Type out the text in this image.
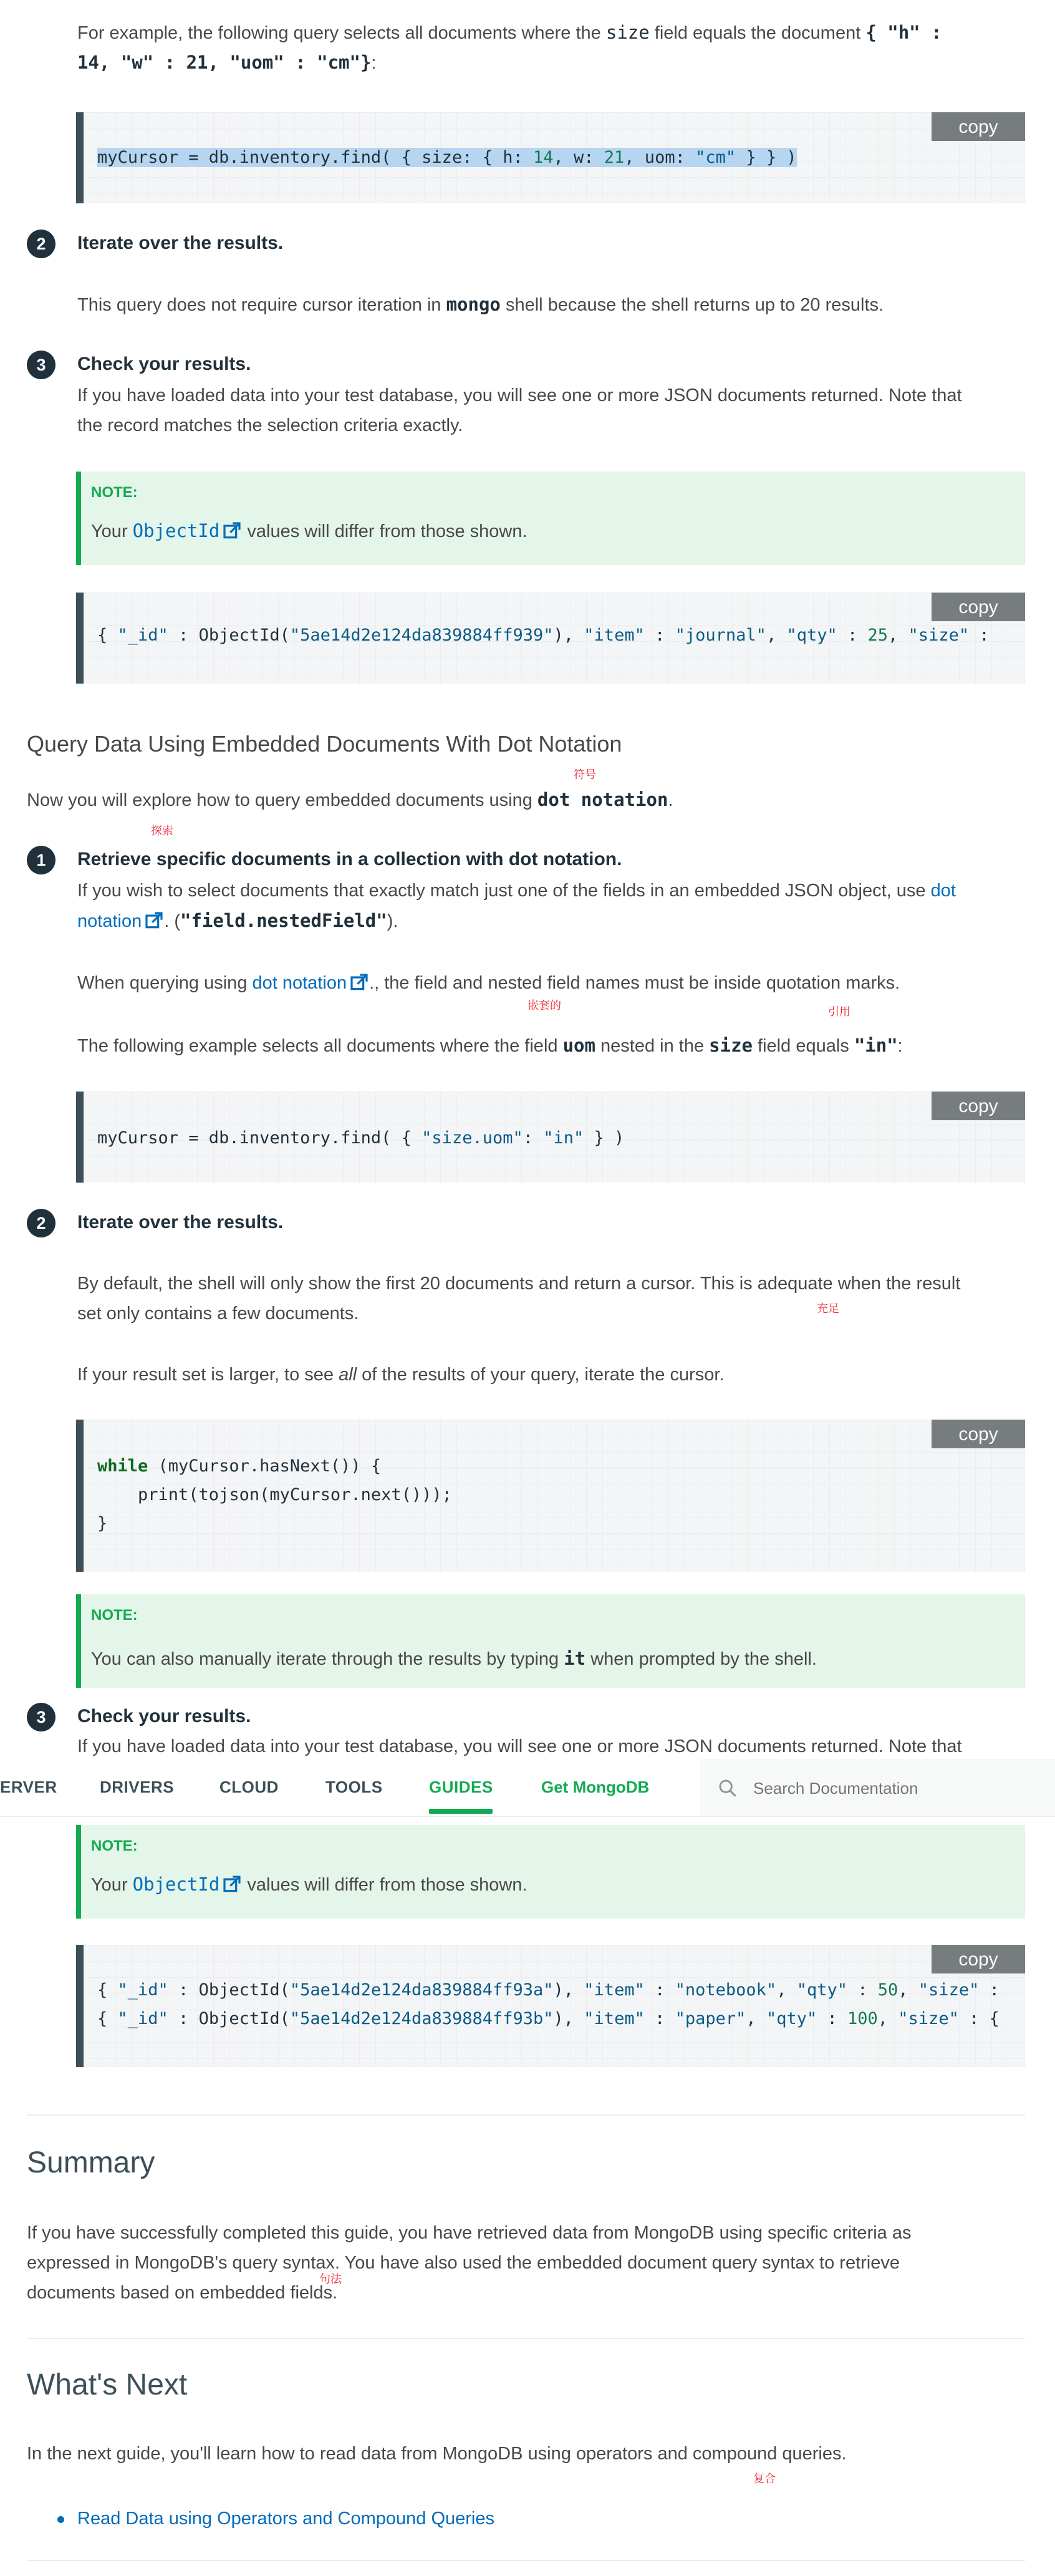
For example, the following query selects all documents where the size field equals the document { "h" :

14, "w" : 21, "uom" : "cm"}:

copy
myCursor = db.inventory.find( { size: { h: 14, w: 21, uom: "cm" } } )
2	Iterate over the results.

This query does not require cursor iteration in mongo shell because the shell returns up to 20 results.

3	Check your results.

If you have loaded data into your test database, you will see one or more JSON documents returned. Note that

the record matches the selection criteria exactly.

NOTE:
Your ObjectId values will differ from those shown.
copy
{ "_id" : ObjectId("5ae14d2e124da839884ff939"), "item" : "journal", "qty" : 25, "size" :
Query Data Using Embedded Documents With Dot Notation
符号

Now you will explore how to query embedded documents using dot notation.

探索
1	Retrieve specific documents in a collection with dot notation.

If you wish to select documents that exactly match just one of the fields in an embedded JSON object, use dot

notation . ("field.nestedField").

When querying using dot notation ., the field and nested field names must be inside quotation marks.

嵌套的	引用

The following example selects all documents where the field uom nested in the size field equals "in":

copy
myCursor = db.inventory.find( { "size.uom": "in" } )
2	Iterate over the results.

By default, the shell will only show the first 20 documents and return a cursor. This is adequate when the result

set only contains a few documents.	充足

If your result set is larger, to see all of the results of your query, iterate the cursor.

copy
while (myCursor.hasNext()) {
print(tojson(myCursor.next()));
}
NOTE:
You can also manually iterate through the results by typing it when prompted by the shell.
3	Check your results.

If you have loaded data into your test database, you will see one or more JSON documents returned. Note that

ERVER	DRIVERS	CLOUD	TOOLS	GUIDES	Get MongoDB
Search Documentation
NOTE:
Your ObjectId values will differ from those shown.
copy
{ "_id" : ObjectId("5ae14d2e124da839884ff93a"), "item" : "notebook", "qty" : 50, "size" :
{ "_id" : ObjectId("5ae14d2e124da839884ff93b"), "item" : "paper", "qty" : 100, "size" : {
Summary

If you have successfully completed this guide, you have retrieved data from MongoDB using specific criteria as

expressed in MongoDB's query syntax. You have also used the embedded document query syntax to retrieve

句法

documents based on embedded fields.

What's Next

In the next guide, you'll learn how to read data from MongoDB using operators and compound queries.

复合
Read Data using Operators and Compound Queries
